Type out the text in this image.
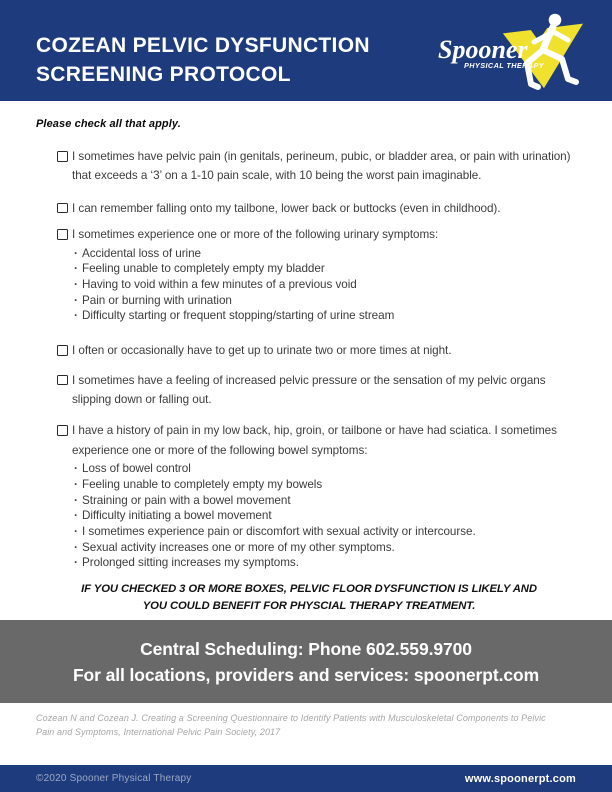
COZEAN PELVIC DYSFUNCTION
SCREENING PROTOCOL
Spooner
PHYSICAL THERAPY

Please check all that apply.

I sometimes have pelvic pain (in genitals, perineum, pubic, or bladder area, or pain with urination) that exceeds a ‘3’ on a 1-10 pain scale, with 10 being the worst pain imaginable.
I can remember falling onto my tailbone, lower back or buttocks (even in childhood).
I sometimes experience one or more of the following urinary symptoms:
· Accidental loss of urine
· Feeling unable to completely empty my bladder
· Having to void within a few minutes of a previous void
· Pain or burning with urination
· Difficulty starting or frequent stopping/starting of urine stream
I often or occasionally have to get up to urinate two or more times at night.
I sometimes have a feeling of increased pelvic pressure or the sensation of my pelvic organs slipping down or falling out.
I have a history of pain in my low back, hip, groin, or tailbone or have had sciatica. I sometimes experience one or more of the following bowel symptoms:
· Loss of bowel control
· Feeling unable to completely empty my bowels
· Straining or pain with a bowel movement
· Difficulty initiating a bowel movement
· I sometimes experience pain or discomfort with sexual activity or intercourse.
· Sexual activity increases one or more of my other symptoms.
· Prolonged sitting increases my symptoms.

IF YOU CHECKED 3 OR MORE BOXES, PELVIC FLOOR DYSFUNCTION IS LIKELY AND
YOU COULD BENEFIT FOR PHYSCIAL THERAPY TREATMENT.

Central Scheduling: Phone 602.559.9700
For all locations, providers and services: spoonerpt.com

Cozean N and Cozean J. Creating a Screening Questionnaire to Identify Patients with Musculoskeletal Components to Pelvic Pain and Symptoms, International Pelvic Pain Society, 2017

©2020 Spooner Physical Therapy	www.spoonerpt.com
